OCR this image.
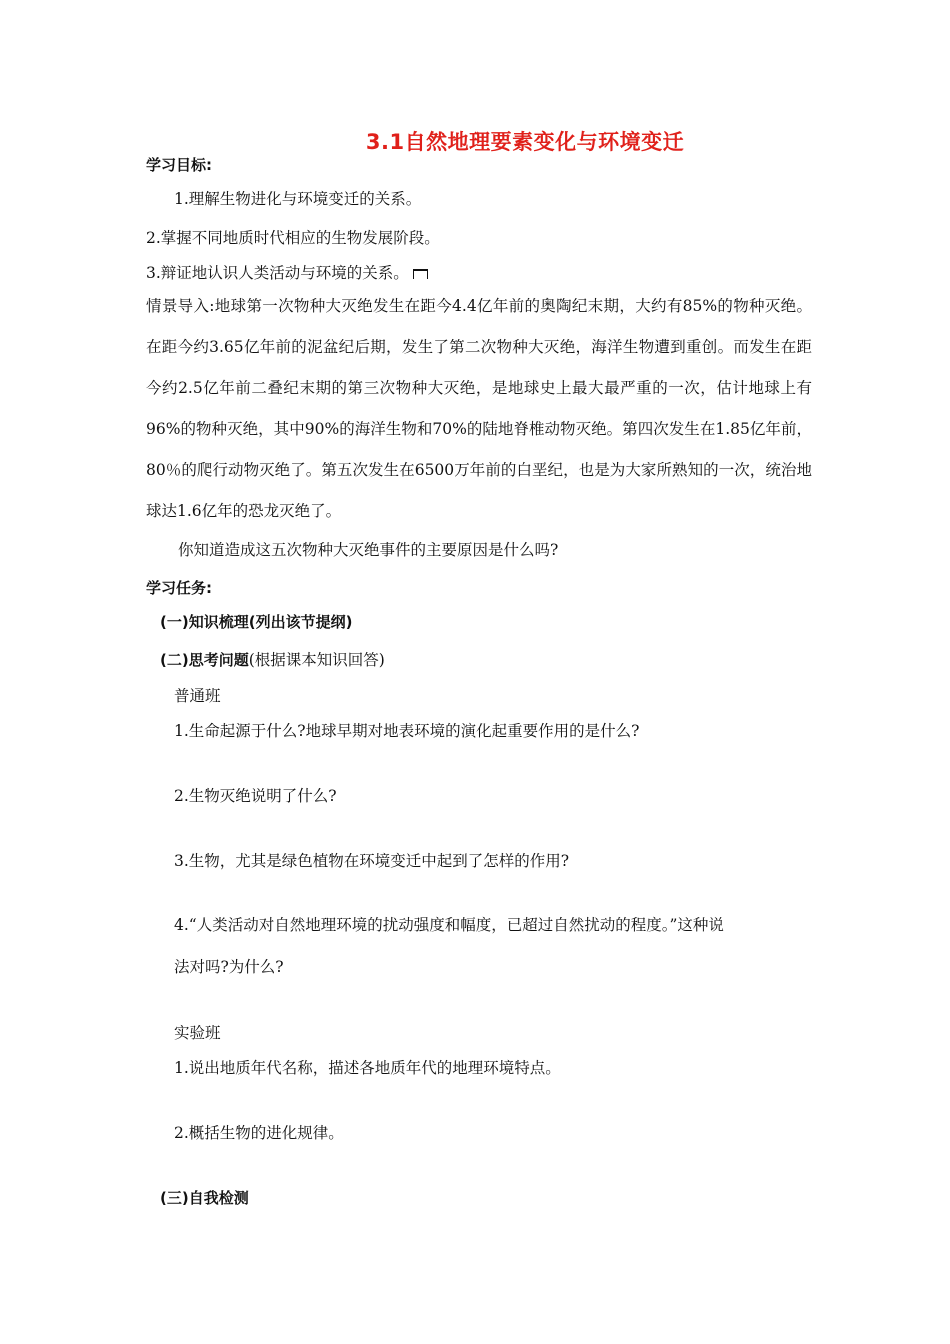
3.1自然地理要素变化与环境变迁
学习目标:
1.理解生物进化与环境变迁的关系。
2.掌握不同地质时代相应的生物发展阶段。
3.辩证地认识人类活动与环境的关系。
情景导入:地球第一次物种大灭绝发生在距今4.4亿年前的奥陶纪末期，大约有85%的物种灭绝。在距今约3.65亿年前的泥盆纪后期，发生了第二次物种大灭绝，海洋生物遭到重创。而发生在距今约2.5亿年前二叠纪末期的第三次物种大灭绝，是地球史上最大最严重的一次，估计地球上有96%的物种灭绝，其中90%的海洋生物和70%的陆地脊椎动物灭绝。第四次发生在1.85亿年前，80％的爬行动物灭绝了。第五次发生在6500万年前的白垩纪，也是为大家所熟知的一次，统治地球达1.6亿年的恐龙灭绝了。
你知道造成这五次物种大灭绝事件的主要原因是什么吗?
学习任务:
(一)知识梳理(列出该节提纲)
(二)思考问题(根据课本知识回答)
普通班
1.生命起源于什么?地球早期对地表环境的演化起重要作用的是什么?
2.生物灭绝说明了什么?
3.生物，尤其是绿色植物在环境变迁中起到了怎样的作用?
4.“人类活动对自然地理环境的扰动强度和幅度，已超过自然扰动的程度。”这种说
法对吗?为什么?
实验班
1.说出地质年代名称，描述各地质年代的地理环境特点。
2.概括生物的进化规律。
(三)自我检测
